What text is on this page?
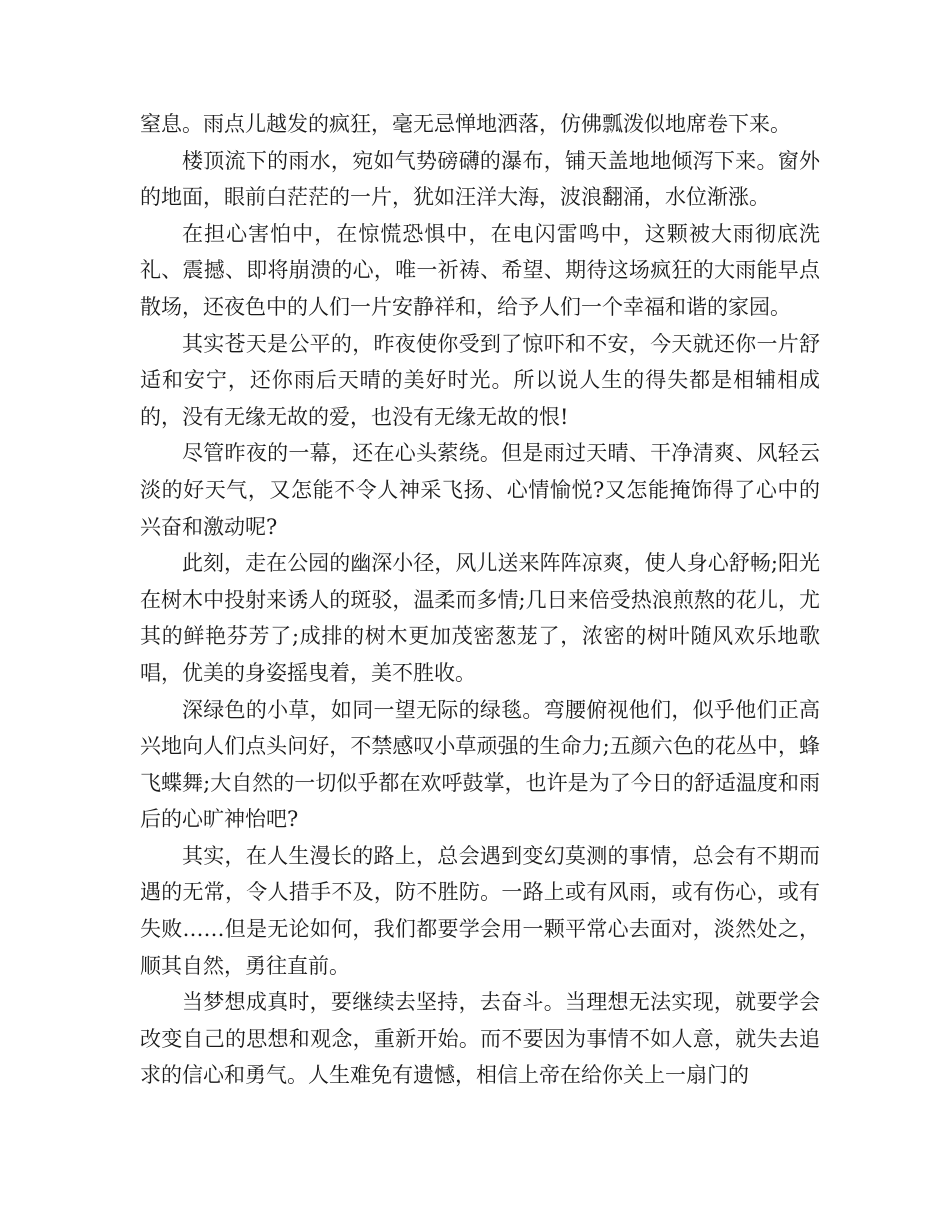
窒息。雨点儿越发的疯狂，毫无忌惮地洒落，仿佛瓢泼似地席卷下来。

楼顶流下的雨水，宛如气势磅礴的瀑布，铺天盖地地倾泻下来。窗外的地面，眼前白茫茫的一片，犹如汪洋大海，波浪翻涌，水位渐涨。

在担心害怕中，在惊慌恐惧中，在电闪雷鸣中，这颗被大雨彻底洗礼、震撼、即将崩溃的心，唯一祈祷、希望、期待这场疯狂的大雨能早点散场，还夜色中的人们一片安静祥和，给予人们一个幸福和谐的家园。

其实苍天是公平的，昨夜使你受到了惊吓和不安，今天就还你一片舒适和安宁，还你雨后天晴的美好时光。所以说人生的得失都是相辅相成的，没有无缘无故的爱，也没有无缘无故的恨!

尽管昨夜的一幕，还在心头萦绕。但是雨过天晴、干净清爽、风轻云淡的好天气，又怎能不令人神采飞扬、心情愉悦?又怎能掩饰得了心中的兴奋和激动呢?

此刻，走在公园的幽深小径，风儿送来阵阵凉爽，使人身心舒畅;阳光在树木中投射来诱人的斑驳，温柔而多情;几日来倍受热浪煎熬的花儿，尤其的鲜艳芬芳了;成排的树木更加茂密葱茏了，浓密的树叶随风欢乐地歌唱，优美的身姿摇曳着，美不胜收。

深绿色的小草，如同一望无际的绿毯。弯腰俯视他们，似乎他们正高兴地向人们点头问好，不禁感叹小草顽强的生命力;五颜六色的花丛中，蜂飞蝶舞;大自然的一切似乎都在欢呼鼓掌，也许是为了今日的舒适温度和雨后的心旷神怡吧?

其实，在人生漫长的路上，总会遇到变幻莫测的事情，总会有不期而遇的无常，令人措手不及，防不胜防。一路上或有风雨，或有伤心，或有失败……但是无论如何，我们都要学会用一颗平常心去面对，淡然处之，顺其自然，勇往直前。

当梦想成真时，要继续去坚持，去奋斗。当理想无法实现，就要学会改变自己的思想和观念，重新开始。而不要因为事情不如人意，就失去追求的信心和勇气。人生难免有遗憾，相信上帝在给你关上一扇门的
